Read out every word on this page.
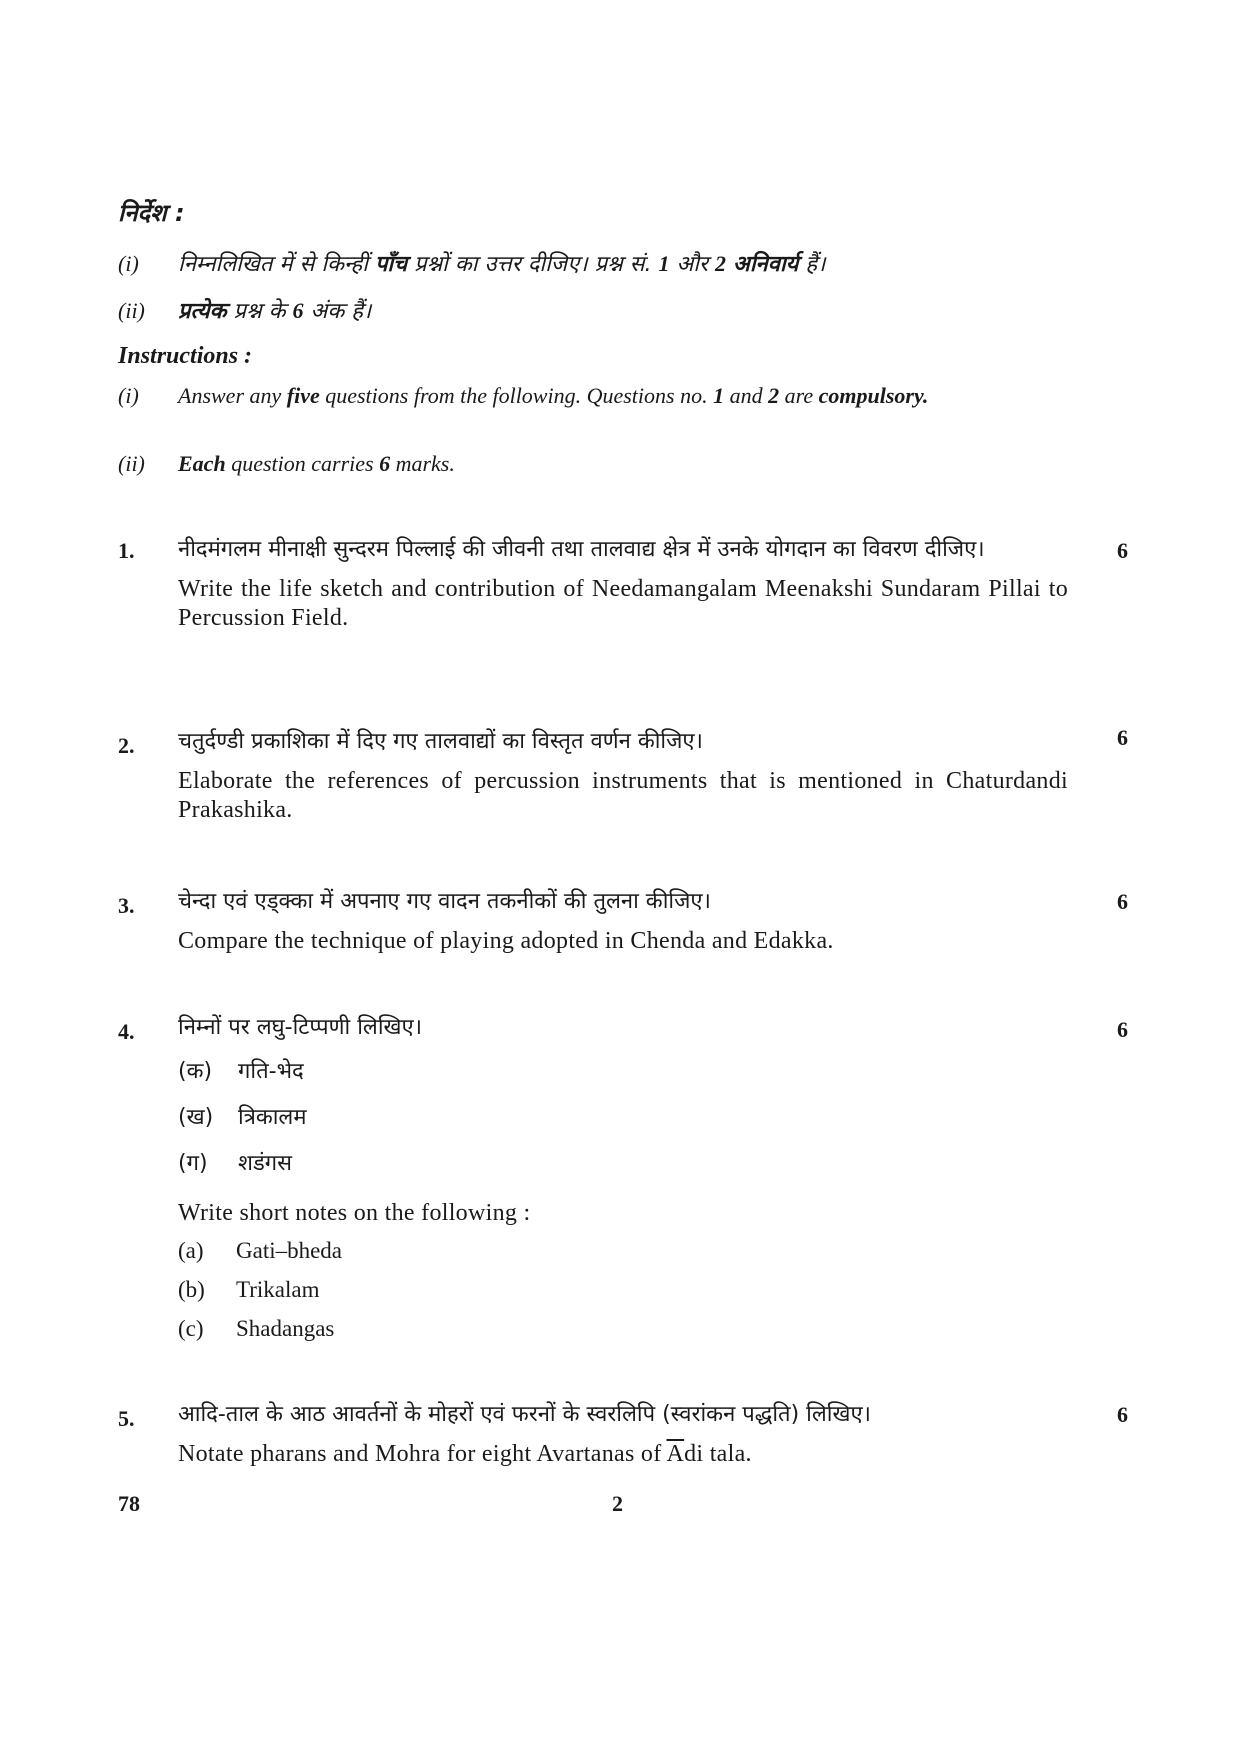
निर्देश :
(i) निम्नलिखित में से किन्हीं पाँच प्रश्नों का उत्तर दीजिए। प्रश्न सं. 1 और 2 अनिवार्य हैं।
(ii) प्रत्येक प्रश्न के 6 अंक हैं।
Instructions :
(i) Answer any five questions from the following. Questions no. 1 and 2 are compulsory.
(ii) Each question carries 6 marks.
1. नीदमंगलम मीनाक्षी सुन्दरम पिल्लाई की जीवनी तथा तालवाद्य क्षेत्र में उनके योगदान का विवरण दीजिए।

Write the life sketch and contribution of Needamangalam Meenakshi Sundaram Pillai to Percussion Field.

6
2. चतुर्दण्डी प्रकाशिका में दिए गए तालवाद्यों का विस्तृत वर्णन कीजिए।

Elaborate the references of percussion instruments that is mentioned in Chaturdandi Prakashika.

6
3. चेन्दा एवं एड्क्का में अपनाए गए वादन तकनीकों की तुलना कीजिए।

Compare the technique of playing adopted in Chenda and Edakka.

6
4. निम्नों पर लघु-टिप्पणी लिखिए।

(क) गति-भेद
(ख) त्रिकालम
(ग) शडंगस

Write short notes on the following :

(a) Gati–bheda
(b) Trikalam
(c) Shadangas
6
5. आदि-ताल के आठ आवर्तनों के मोहरों एवं फरनों के स्वरलिपि (स्वरांकन पद्धति) लिखिए।

Notate pharans and Mohra for eight Avartanas of $\overline{A}di$ tala.

6
78	2
